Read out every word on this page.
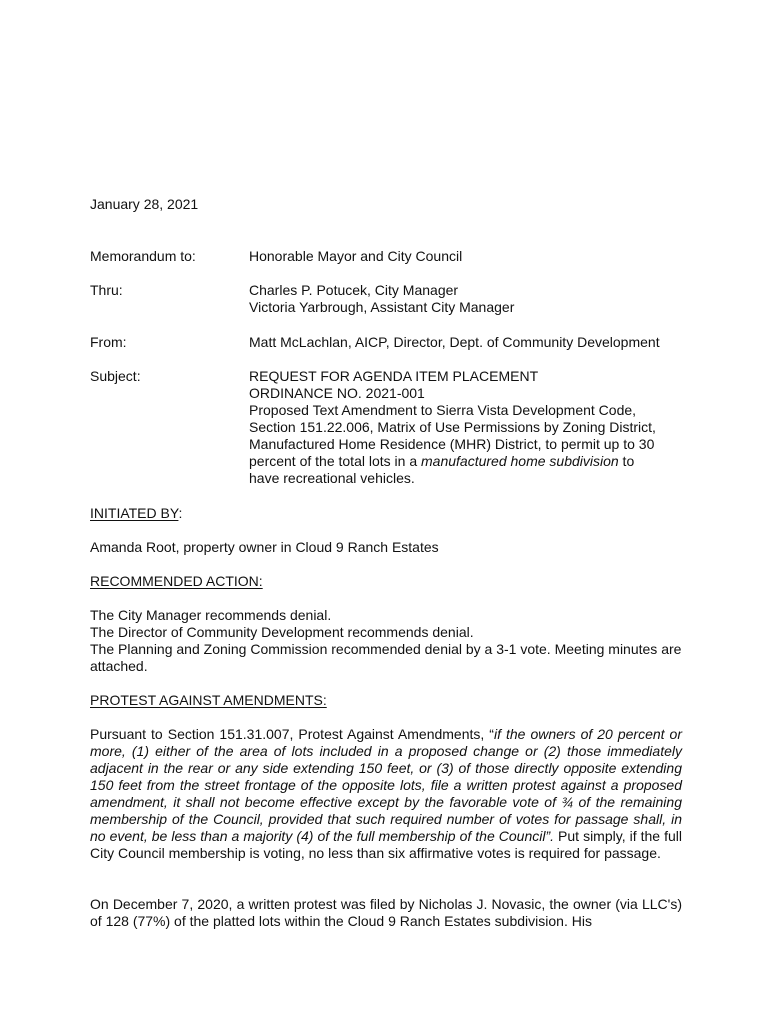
January 28, 2021
Memorandum to:	Honorable Mayor and City Council
Thru:	Charles P. Potucek, City Manager
Victoria Yarbrough, Assistant City Manager
From:	Matt McLachlan, AICP, Director, Dept. of Community Development
Subject:	REQUEST FOR AGENDA ITEM PLACEMENT
ORDINANCE NO. 2021-001
Proposed Text Amendment to Sierra Vista Development Code,
Section 151.22.006, Matrix of Use Permissions by Zoning District,
Manufactured Home Residence (MHR) District, to permit up to 30
percent of the total lots in a manufactured home subdivision to
have recreational vehicles.
INITIATED BY:
Amanda Root, property owner in Cloud 9 Ranch Estates
RECOMMENDED ACTION:
The City Manager recommends denial.
The Director of Community Development recommends denial.
The Planning and Zoning Commission recommended denial by a 3-1 vote. Meeting minutes are attached.
PROTEST AGAINST AMENDMENTS:
Pursuant to Section 151.31.007, Protest Against Amendments, “if the owners of 20 percent or more, (1) either of the area of lots included in a proposed change or (2) those immediately adjacent in the rear or any side extending 150 feet, or (3) of those directly opposite extending 150 feet from the street frontage of the opposite lots, file a written protest against a proposed amendment, it shall not become effective except by the favorable vote of ¾ of the remaining membership of the Council, provided that such required number of votes for passage shall, in no event, be less than a majority (4) of the full membership of the Council”. Put simply, if the full City Council membership is voting, no less than six affirmative votes is required for passage.
On December 7, 2020, a written protest was filed by Nicholas J. Novasic, the owner (via LLC's) of 128 (77%) of the platted lots within the Cloud 9 Ranch Estates subdivision. His
